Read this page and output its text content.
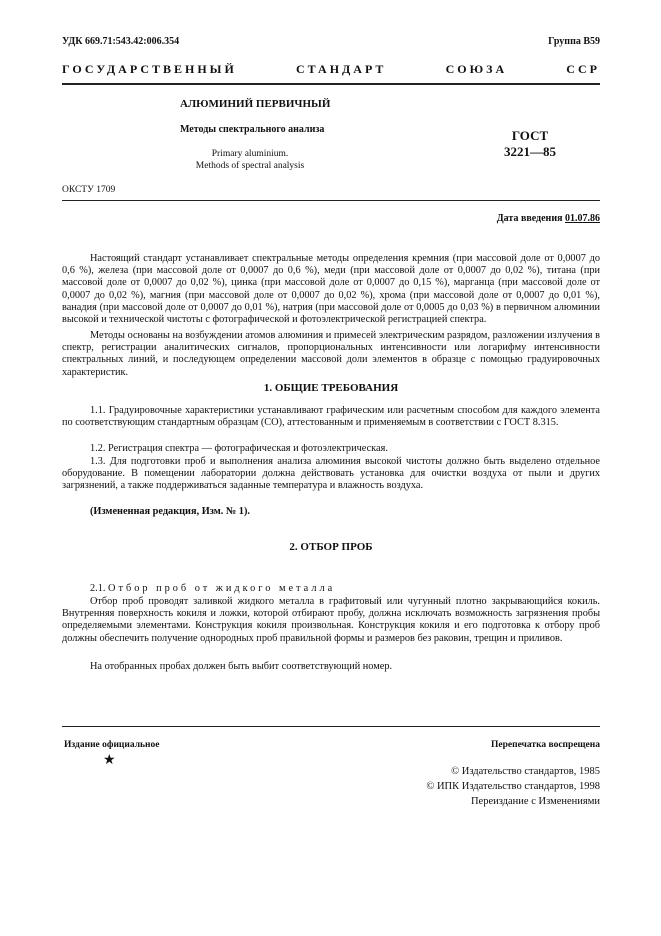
УДК 669.71:543.42:006.354	Группа B59
ГОСУДАРСТВЕННЫЙ	СТАНДАРТ	СОЮЗА	ССР
АЛЮМИНИЙ ПЕРВИЧНЫЙ
Методы спектрального анализа
Primary aluminium.
Methods of spectral analysis
ГОСТ
3221—85
ОКСТУ 1709
Дата введения 01.07.86

Настоящий стандарт устанавливает спектральные методы определения кремния (при массовой доле от 0,0007 до 0,6 %), железа (при массовой доле от 0,0007 до 0,6 %), меди (при массовой доле от 0,0007 до 0,02 %), титана (при массовой доле от 0,0007 до 0,02 %), цинка (при массовой доле от 0,0007 до 0,15 %), марганца (при массовой доле от 0,0007 до 0,02 %), магния (при массовой доле от 0,0007 до 0,02 %), хрома (при массовой доле от 0,0007 до 0,01 %), ванадия (при массовой доле от 0,0007 до 0,01 %), натрия (при массовой доле от 0,0005 до 0,03 %) в первичном алюминии высокой и технической чистоты с фотографической и фотоэлектрической регистрацией спектра.

Методы основаны на возбуждении атомов алюминия и примесей электрическим разрядом, разложении излучения в спектр, регистрации аналитических сигналов, пропорциональных интенсивности или логарифму интенсивности спектральных линий, и последующем определении массовой доли элементов в образце с помощью градуировочных характеристик.

1. ОБЩИЕ ТРЕБОВАНИЯ

1.1. Градуировочные характеристики устанавливают графическим или расчетным способом для каждого элемента по соответствующим стандартным образцам (СО), аттестованным и применяемым в соответствии с ГОСТ 8.315.

1.2. Регистрация спектра — фотографическая и фотоэлектрическая.

1.3. Для подготовки проб и выполнения анализа алюминия высокой чистоты должно быть выделено отдельное оборудование. В помещении лаборатории должна действовать установка для очистки воздуха от пыли и других загрязнений, а также поддерживаться заданные температура и влажность воздуха.

(Измененная редакция, Изм. № 1).

2. ОТБОР ПРОБ

2.1. Отбор проб от жидкого металла

Отбор проб проводят заливкой жидкого металла в графитовый или чугунный плотно закрывающийся кокиль. Внутренняя поверхность кокиля и ложки, которой отбирают пробу, должна исключать возможность загрязнения пробы определяемыми элементами. Конструкция кокиля произвольная. Конструкция кокиля и его подготовка к отбору проб должны обеспечить получение однородных проб правильной формы и размеров без раковин, трещин и приливов.

На отобранных пробах должен быть выбит соответствующий номер.

Издание официальное
★
Перепечатка воспрещена
© Издательство стандартов, 1985
© ИПК Издательство стандартов, 1998
Переиздание с Изменениями
